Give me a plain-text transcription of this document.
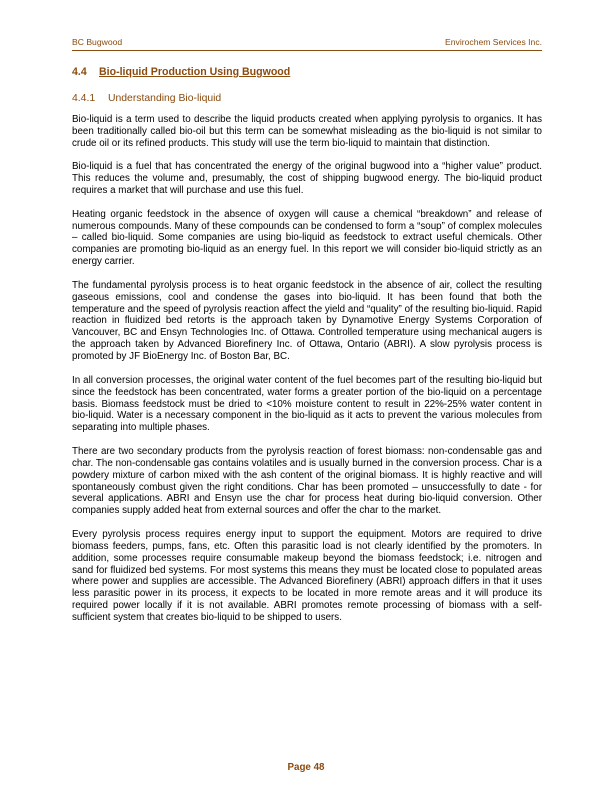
BC Bugwood	Envirochem Services Inc.
4.4 Bio-liquid Production Using Bugwood
4.4.1 Understanding Bio-liquid

Bio-liquid is a term used to describe the liquid products created when applying pyrolysis to organics. It has been traditionally called bio-oil but this term can be somewhat misleading as the bio-liquid is not similar to crude oil or its refined products. This study will use the term bio-liquid to maintain that distinction.

Bio-liquid is a fuel that has concentrated the energy of the original bugwood into a “higher value” product. This reduces the volume and, presumably, the cost of shipping bugwood energy. The bio-liquid product requires a market that will purchase and use this fuel.

Heating organic feedstock in the absence of oxygen will cause a chemical “breakdown” and release of numerous compounds. Many of these compounds can be condensed to form a “soup” of complex molecules – called bio-liquid. Some companies are using bio-liquid as feedstock to extract useful chemicals. Other companies are promoting bio-liquid as an energy fuel. In this report we will consider bio-liquid strictly as an energy carrier.

The fundamental pyrolysis process is to heat organic feedstock in the absence of air, collect the resulting gaseous emissions, cool and condense the gases into bio-liquid. It has been found that both the temperature and the speed of pyrolysis reaction affect the yield and “quality” of the resulting bio-liquid. Rapid reaction in fluidized bed retorts is the approach taken by Dynamotive Energy Systems Corporation of Vancouver, BC and Ensyn Technologies Inc. of Ottawa. Controlled temperature using mechanical augers is the approach taken by Advanced Biorefinery Inc. of Ottawa, Ontario (ABRI). A slow pyrolysis process is promoted by JF BioEnergy Inc. of Boston Bar, BC.

In all conversion processes, the original water content of the fuel becomes part of the resulting bio-liquid but since the feedstock has been concentrated, water forms a greater portion of the bio-liquid on a percentage basis. Biomass feedstock must be dried to <10% moisture content to result in 22%-25% water content in bio-liquid. Water is a necessary component in the bio-liquid as it acts to prevent the various molecules from separating into multiple phases.

There are two secondary products from the pyrolysis reaction of forest biomass: non-condensable gas and char. The non-condensable gas contains volatiles and is usually burned in the conversion process. Char is a powdery mixture of carbon mixed with the ash content of the original biomass. It is highly reactive and will spontaneously combust given the right conditions. Char has been promoted – unsuccessfully to date - for several applications. ABRI and Ensyn use the char for process heat during bio-liquid conversion. Other companies supply added heat from external sources and offer the char to the market.

Every pyrolysis process requires energy input to support the equipment. Motors are required to drive biomass feeders, pumps, fans, etc. Often this parasitic load is not clearly identified by the promoters. In addition, some processes require consumable makeup beyond the biomass feedstock; i.e. nitrogen and sand for fluidized bed systems. For most systems this means they must be located close to populated areas where power and supplies are accessible. The Advanced Biorefinery (ABRI) approach differs in that it uses less parasitic power in its process, it expects to be located in more remote areas and it will produce its required power locally if it is not available. ABRI promotes remote processing of biomass with a self-sufficient system that creates bio-liquid to be shipped to users.

Page 48
